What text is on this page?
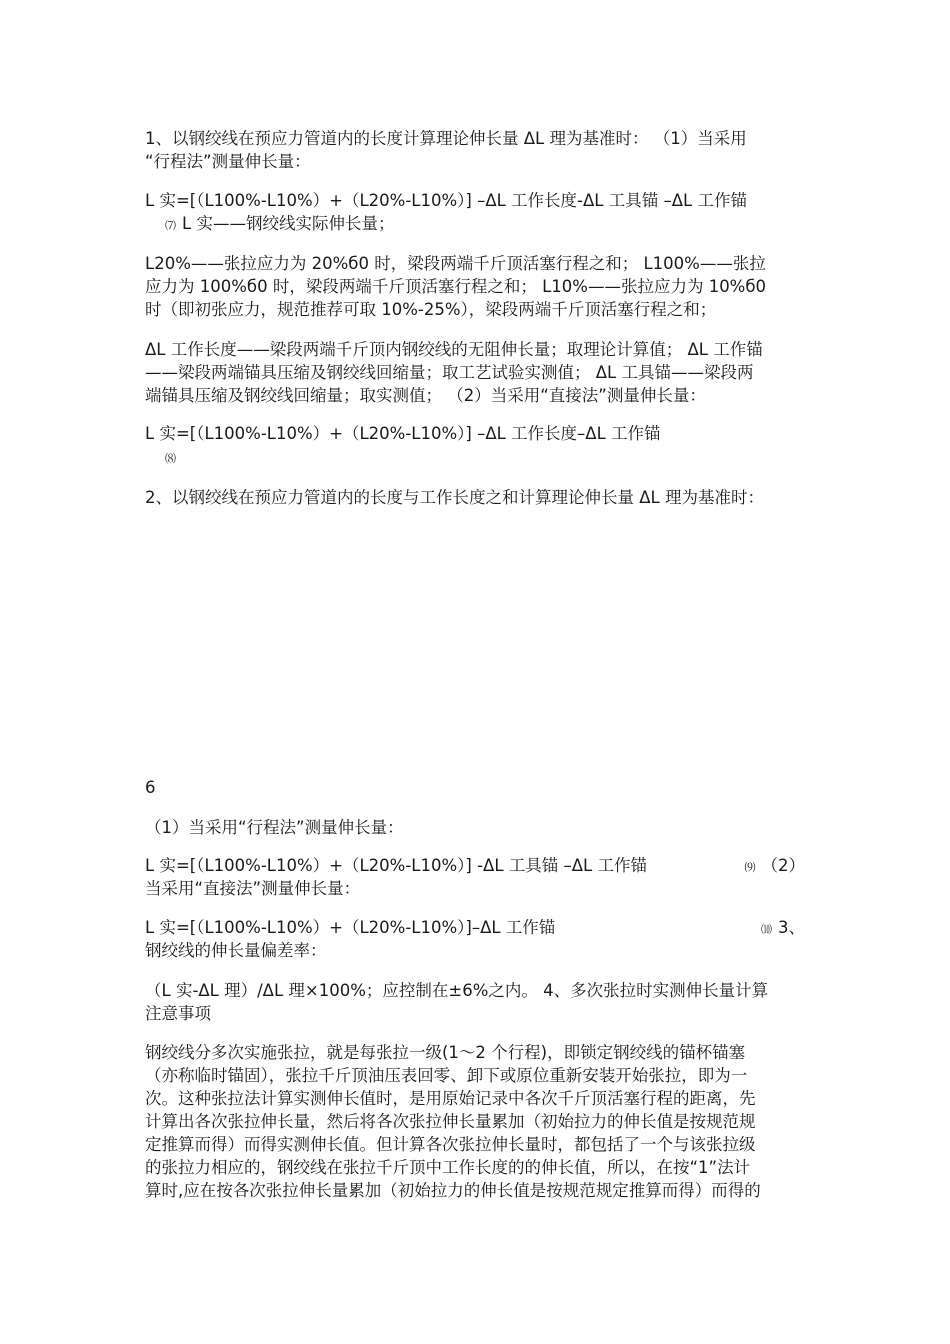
1、以钢绞线在预应力管道内的长度计算理论伸长量 ΔL 理为基准时： （1）当采用
“行程法”测量伸长量：
L 实=[（L100%-L10%）+（L20%-L10%）] –ΔL 工作长度-ΔL 工具锚 –ΔL 工作锚
⑺ L 实——钢绞线实际伸长量；
L20%——张拉应力为 20%б0 时，梁段两端千斤顶活塞行程之和； L100%——张拉
应力为 100%б0 时，梁段两端千斤顶活塞行程之和； L10%——张拉应力为 10%б0
时（即初张应力，规范推荐可取 10%-25%），梁段两端千斤顶活塞行程之和；
ΔL 工作长度——梁段两端千斤顶内钢绞线的无阻伸长量；取理论计算值； ΔL 工作锚
——梁段两端锚具压缩及钢绞线回缩量；取工艺试验实测值； ΔL 工具锚——梁段两
端锚具压缩及钢绞线回缩量；取实测值； （2）当采用“直接法”测量伸长量：
L 实=[（L100%-L10%）+（L20%-L10%）] –ΔL 工作长度–ΔL 工作锚
⑻
2、以钢绞线在预应力管道内的长度与工作长度之和计算理论伸长量 ΔL 理为基准时：
6
（1）当采用“行程法”测量伸长量：
L 实=[（L100%-L10%）+（L20%-L10%）] -ΔL 工具锚 –ΔL 工作锚	⑼ （2）
当采用“直接法”测量伸长量：
L 实=[（L100%-L10%）+（L20%-L10%）]–ΔL 工作锚	⑽ 3、
钢绞线的伸长量偏差率：
（L 实-ΔL 理）/ΔL 理×100%；应控制在±6%之内。 4、多次张拉时实测伸长量计算
注意事项
钢绞线分多次实施张拉，就是每张拉一级(1～2 个行程)，即锁定钢绞线的锚杯锚塞
（亦称临时锚固），张拉千斤顶油压表回零、卸下或原位重新安装开始张拉，即为一
次。这种张拉法计算实测伸长值时，是用原始记录中各次千斤顶活塞行程的距离，先
计算出各次张拉伸长量，然后将各次张拉伸长量累加（初始拉力的伸长值是按规范规
定推算而得）而得实测伸长值。但计算各次张拉伸长量时，都包括了一个与该张拉级
的张拉力相应的，钢绞线在张拉千斤顶中工作长度的的伸长值，所以，在按“1”法计
算时,应在按各次张拉伸长量累加（初始拉力的伸长值是按规范规定推算而得）而得的
